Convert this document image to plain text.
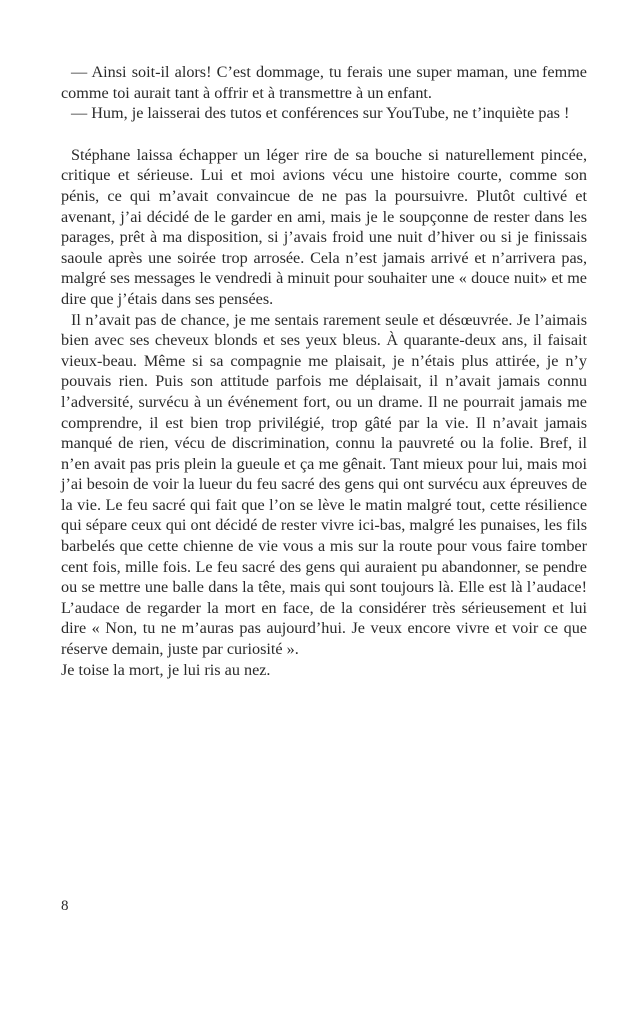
— Ainsi soit-il alors! C’est dommage, tu ferais une super maman, une femme comme toi aurait tant à offrir et à transmettre à un enfant.

— Hum, je laisserai des tutos et conférences sur YouTube, ne t’inquiète pas !

Stéphane laissa échapper un léger rire de sa bouche si naturellement pincée, critique et sérieuse. Lui et moi avions vécu une histoire courte, comme son pénis, ce qui m’avait convaincue de ne pas la poursuivre. Plutôt cultivé et avenant, j’ai décidé de le garder en ami, mais je le soupçonne de rester dans les parages, prêt à ma disposition, si j’avais froid une nuit d’hiver ou si je finissais saoule après une soirée trop arrosée. Cela n’est jamais arrivé et n’arrivera pas, malgré ses messages le vendredi à minuit pour souhaiter une « douce nuit» et me dire que j’étais dans ses pensées.

Il n’avait pas de chance, je me sentais rarement seule et désœuvrée. Je l’aimais bien avec ses cheveux blonds et ses yeux bleus. À quarante-deux ans, il faisait vieux-beau. Même si sa compagnie me plaisait, je n’étais plus attirée, je n’y pouvais rien. Puis son attitude parfois me déplaisait, il n’avait jamais connu l’adversité, survécu à un événement fort, ou un drame. Il ne pourrait jamais me comprendre, il est bien trop privilégié, trop gâté par la vie. Il n’avait jamais manqué de rien, vécu de discrimination, connu la pauvreté ou la folie. Bref, il n’en avait pas pris plein la gueule et ça me gênait. Tant mieux pour lui, mais moi j’ai besoin de voir la lueur du feu sacré des gens qui ont survécu aux épreuves de la vie. Le feu sacré qui fait que l’on se lève le matin malgré tout, cette résilience qui sépare ceux qui ont décidé de rester vivre ici-bas, malgré les punaises, les fils barbelés que cette chienne de vie vous a mis sur la route pour vous faire tomber cent fois, mille fois. Le feu sacré des gens qui auraient pu abandonner, se pendre ou se mettre une balle dans la tête, mais qui sont toujours là. Elle est là l’audace! L’audace de regarder la mort en face, de la considérer très sérieusement et lui dire « Non, tu ne m’auras pas aujourd’hui. Je veux encore vivre et voir ce que réserve demain, juste par curiosité ».

Je toise la mort, je lui ris au nez.

8
